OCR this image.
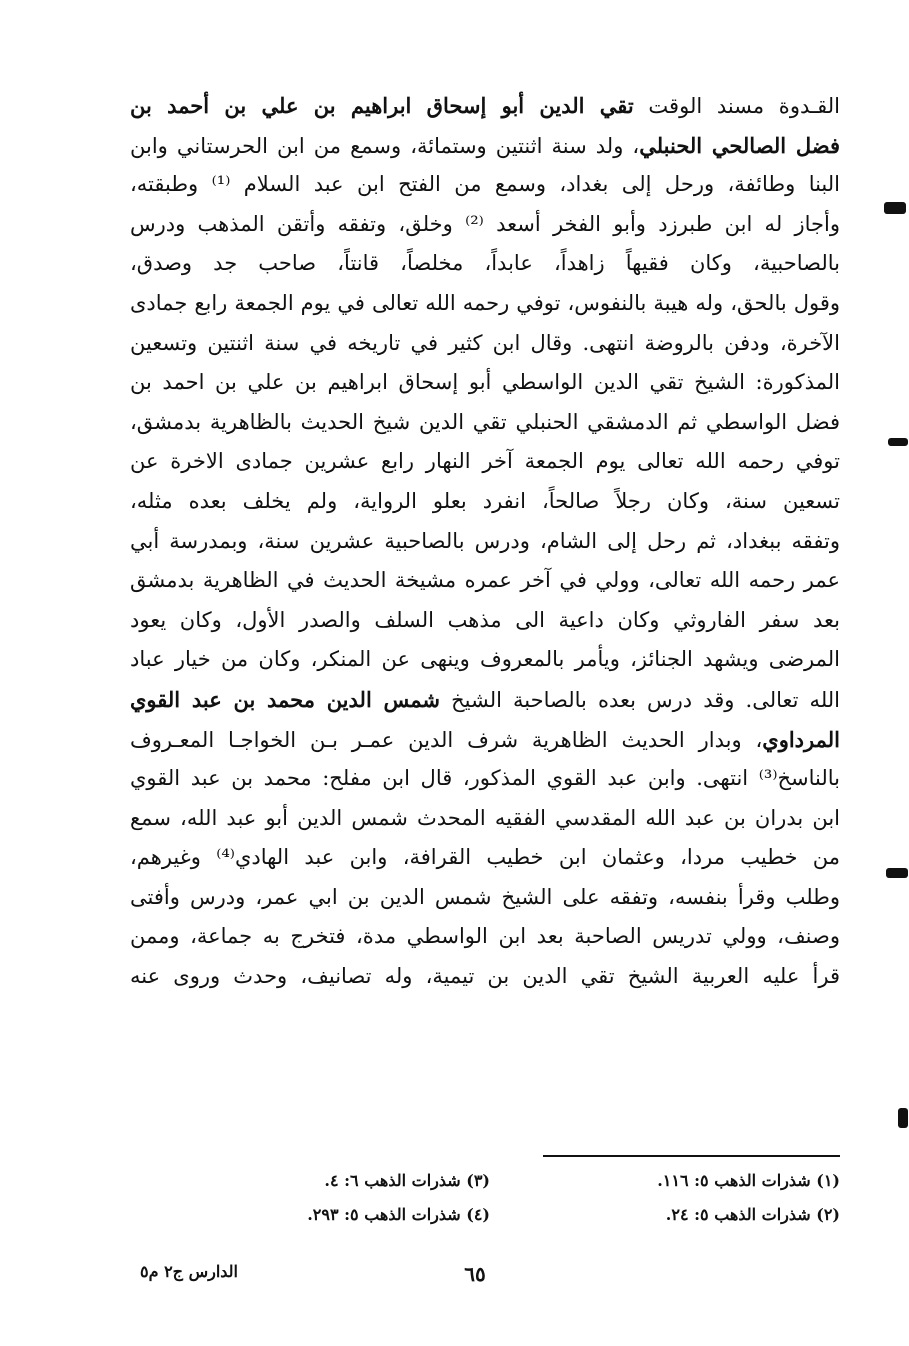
القـدوة مسند الوقت تقي الدين أبو إسحاق ابراهيم بن علي بن أحمد بن
فضل الصالحي الحنبلي، ولد سنة اثنتين وستمائة، وسمع من ابن الحرستاني وابن
البنا وطائفة، ورحل إلى بغداد، وسمع من الفتح ابن عبد السلام ⁽¹⁾ وطبقته،
وأجاز له ابن طبرزد وأبو الفخر أسعد ⁽²⁾ وخلق، وتفقه وأتقن المذهب ودرس
بالصاحبية، وكان فقيهاً زاهداً، عابداً، مخلصاً، قانتاً، صاحب جد وصدق،
وقول بالحق، وله هيبة بالنفوس، توفي رحمه الله تعالى في يوم الجمعة رابع جمادى
الآخرة، ودفن بالروضة انتهى. وقال ابن كثير في تاريخه في سنة اثنتين وتسعين
المذكورة: الشيخ تقي الدين الواسطي أبو إسحاق ابراهيم بن علي بن احمد بن
فضل الواسطي ثم الدمشقي الحنبلي تقي الدين شيخ الحديث بالظاهرية بدمشق،
توفي رحمه الله تعالى يوم الجمعة آخر النهار رابع عشرين جمادى الاخرة عن
تسعين سنة، وكان رجلاً صالحاً، انفرد بعلو الرواية، ولم يخلف بعده مثله،
وتفقه ببغداد، ثم رحل إلى الشام، ودرس بالصاحبية عشرين سنة، وبمدرسة أبي
عمر رحمه الله تعالى، وولي في آخر عمره مشيخة الحديث في الظاهرية بدمشق
بعد سفر الفاروثي وكان داعية الى مذهب السلف والصدر الأول، وكان يعود
المرضى ويشهد الجنائز، ويأمر بالمعروف وينهى عن المنكر، وكان من خيار عباد
الله تعالى. وقد درس بعده بالصاحبة الشيخ شمس الدين محمد بن عبد القوي
المرداوي، وبدار الحديث الظاهرية شرف الدين عمـر بـن الخواجـا المعـروف
بالناسخ⁽³⁾ انتهى. وابن عبد القوي المذكور، قال ابن مفلح: محمد بن عبد القوي
ابن بدران بن عبد الله المقدسي الفقيه المحدث شمس الدين أبو عبد الله، سمع
من خطيب مردا، وعثمان ابن خطيب القرافة، وابن عبد الهادي⁽⁴⁾ وغيرهم،
وطلب وقرأ بنفسه، وتفقه على الشيخ شمس الدين بن ابي عمر، ودرس وأفتى
وصنف، وولي تدريس الصاحبة بعد ابن الواسطي مدة، فتخرج به جماعة، وممن
قرأ عليه العربية الشيخ تقي الدين بن تيمية، وله تصانيف، وحدث وروى عنه
(١) شذرات الذهب ٥: ١١٦.
(٢) شذرات الذهب ٥: ٢٤.
(٣) شذرات الذهب ٦: ٤.
(٤) شذرات الذهب ٥: ٢٩٣.
٦٥
الدارس ج٢ م٥
